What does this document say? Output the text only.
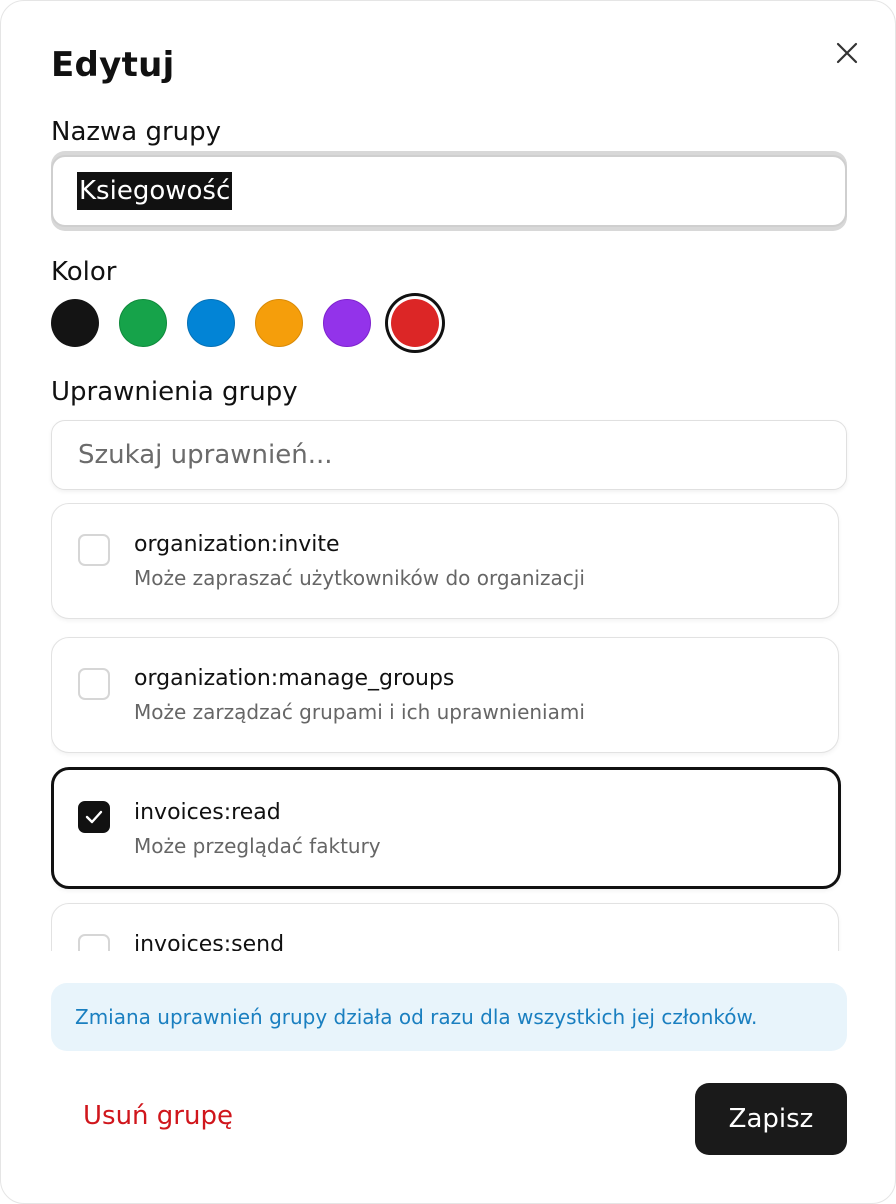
Edytuj
Nazwa grupy
Ksiegowość
Kolor
Uprawnienia grupy
Szukaj uprawnień...
organization:invite
Może zapraszać użytkowników do organizacji
organization:manage_groups
Może zarządzać grupami i ich uprawnieniami
invoices:read
Może przeglądać faktury
invoices:send
Zmiana uprawnień grupy działa od razu dla wszystkich jej członków.
Usuń grupę	Zapisz
